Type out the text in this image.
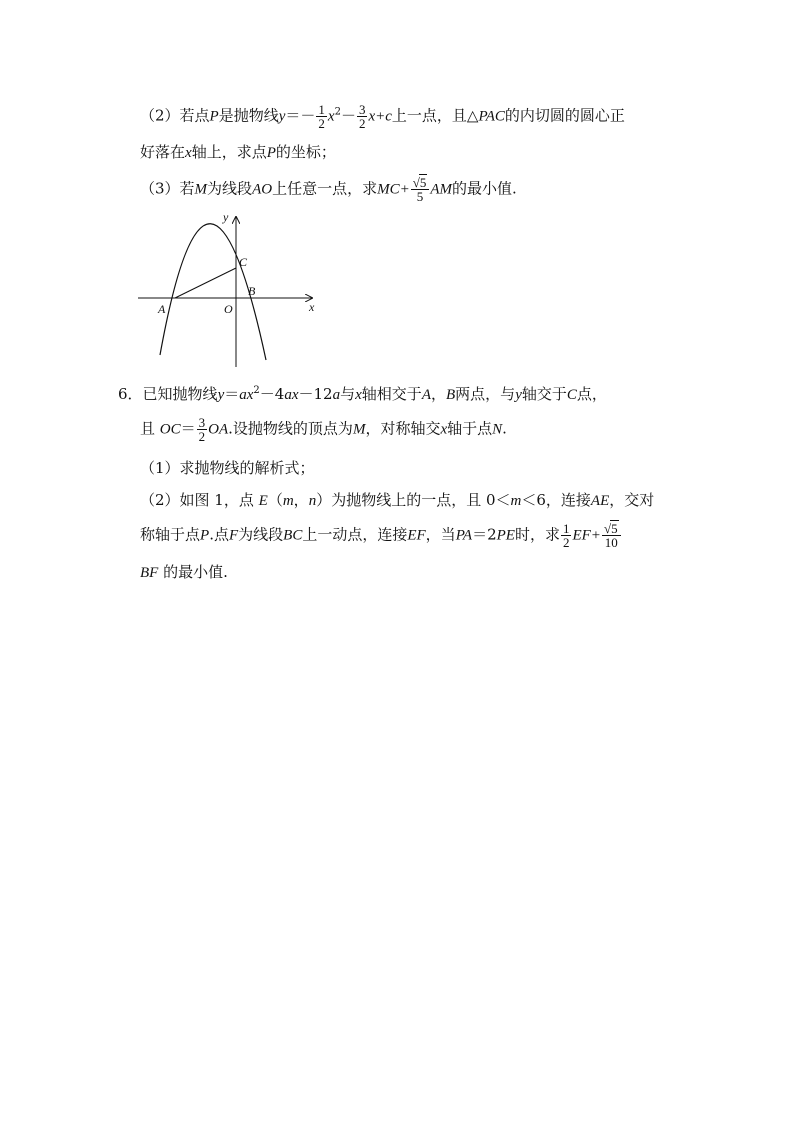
（2）若点P是抛物线$y=- \frac{1}{2} x^2- \frac{3}{2} x+c$上一点，且△PAC的内切圆的圆心正
好落在x轴上，求点P的坐标；
（3）若M为线段AO上任意一点，求$MC+ \frac{√5}{5}$ AM的最小值.
y
x
C
B
A	O
6．已知抛物线$y=ax^2-4ax-12a$与x轴相交于A，B两点，与y轴交于C点，
且 $OC= \frac{3}{2}$ OA.设抛物线的顶点为M，对称轴交x轴于点N.
（1）求抛物线的解析式；
（2）如图 1，点 E（m，n）为抛物线上的一点，且 0＜m＜6，连接AE，交对
称轴于点P.点F为线段BC上一动点，连接EF，当PA＝2PE时，求 $\frac{1}{2} EF+ \frac{√5}{10}$
BF 的最小值.
